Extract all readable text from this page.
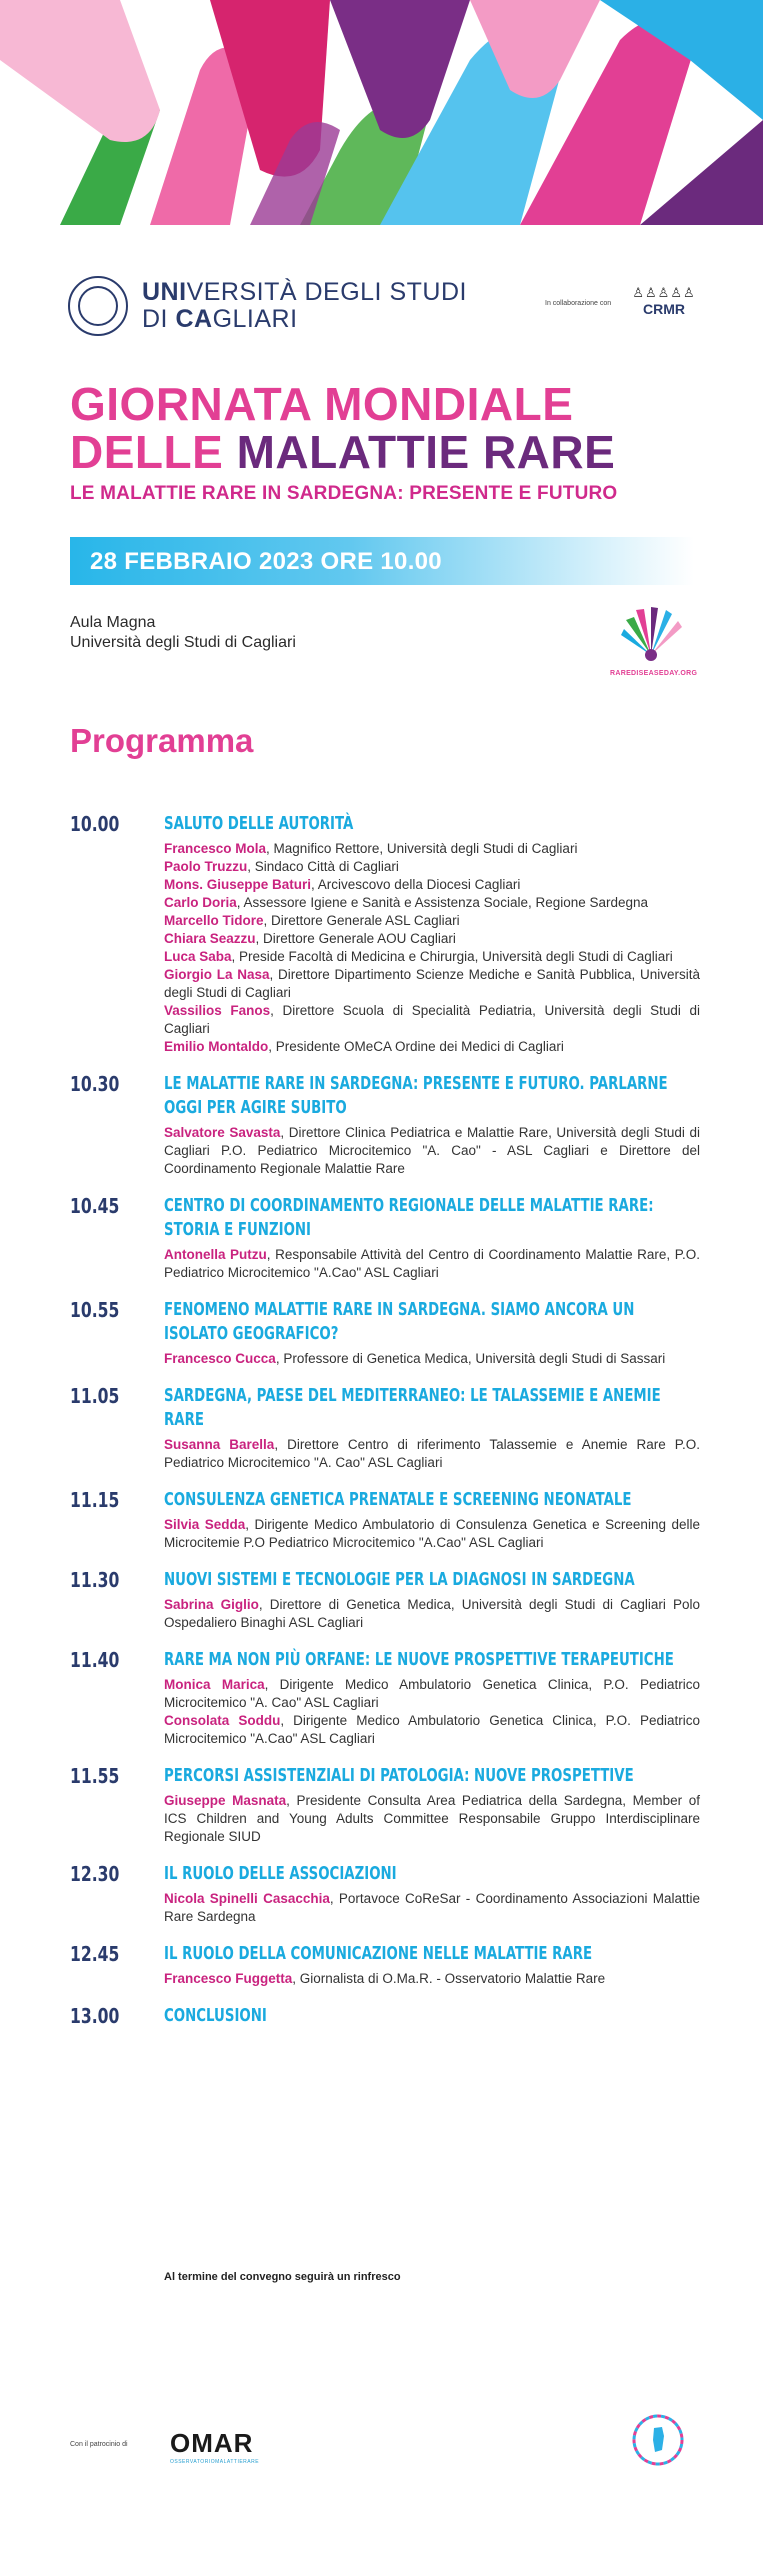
UNIVERSITÀ DEGLI STUDI
DI CAGLIARI
In collaborazione con
♙♙♙♙♙
CRMR
GIORNATA MONDIALE
DELLE MALATTIE RARE
LE MALATTIE RARE IN SARDEGNA: PRESENTE E FUTURO
28 FEBBRAIO 2023 ORE 10.00
Aula Magna
Università degli Studi di Cagliari
RAREDISEASEDAY.ORG
Programma
10.00	SALUTO DELLE AUTORITÀ
Francesco Mola, Magnifico Rettore, Università degli Studi di Cagliari
Paolo Truzzu, Sindaco Città di Cagliari
Mons. Giuseppe Baturi, Arcivescovo della Diocesi Cagliari
Carlo Doria, Assessore Igiene e Sanità e Assistenza Sociale, Regione Sardegna
Marcello Tidore, Direttore Generale ASL Cagliari
Chiara Seazzu, Direttore Generale AOU Cagliari
Luca Saba, Preside Facoltà di Medicina e Chirurgia, Università degli Studi di Cagliari
Giorgio La Nasa, Direttore Dipartimento Scienze Mediche e Sanità Pubblica, Università degli Studi di Cagliari
Vassilios Fanos, Direttore Scuola di Specialità Pediatria, Università degli Studi di Cagliari
Emilio Montaldo, Presidente OMeCA Ordine dei Medici di Cagliari
10.30	LE MALATTIE RARE IN SARDEGNA: PRESENTE E FUTURO. PARLARNE OGGI PER AGIRE SUBITO
Salvatore Savasta, Direttore Clinica Pediatrica e Malattie Rare, Università degli Studi di Cagliari P.O. Pediatrico Microcitemico "A. Cao" - ASL Cagliari e Direttore del Coordinamento Regionale Malattie Rare
10.45	CENTRO DI COORDINAMENTO REGIONALE DELLE MALATTIE RARE: STORIA E FUNZIONI
Antonella Putzu, Responsabile Attività del Centro di Coordinamento Malattie Rare, P.O. Pediatrico Microcitemico "A.Cao" ASL Cagliari
10.55	FENOMENO MALATTIE RARE IN SARDEGNA. SIAMO ANCORA UN ISOLATO GEOGRAFICO?
Francesco Cucca, Professore di Genetica Medica, Università degli Studi di Sassari
11.05	SARDEGNA, PAESE DEL MEDITERRANEO: LE TALASSEMIE E ANEMIE RARE
Susanna Barella, Direttore Centro di riferimento Talassemie e Anemie Rare P.O. Pediatrico Microcitemico "A. Cao" ASL Cagliari
11.15	CONSULENZA GENETICA PRENATALE E SCREENING NEONATALE
Silvia Sedda, Dirigente Medico Ambulatorio di Consulenza Genetica e Screening delle Microcitemie P.O Pediatrico Microcitemico "A.Cao" ASL Cagliari
11.30	NUOVI SISTEMI E TECNOLOGIE PER LA DIAGNOSI IN SARDEGNA
Sabrina Giglio, Direttore di Genetica Medica, Università degli Studi di Cagliari Polo Ospedaliero Binaghi ASL Cagliari
11.40	RARE MA NON PIÙ ORFANE: LE NUOVE PROSPETTIVE TERAPEUTICHE
Monica Marica, Dirigente Medico Ambulatorio Genetica Clinica, P.O. Pediatrico Microcitemico "A. Cao" ASL Cagliari
Consolata Soddu, Dirigente Medico Ambulatorio Genetica Clinica, P.O. Pediatrico Microcitemico "A.Cao" ASL Cagliari
11.55	PERCORSI ASSISTENZIALI DI PATOLOGIA: NUOVE PROSPETTIVE
Giuseppe Masnata, Presidente Consulta Area Pediatrica della Sardegna, Member of ICS Children and Young Adults Committee Responsabile Gruppo Interdisciplinare Regionale SIUD
12.30	IL RUOLO DELLE ASSOCIAZIONI
Nicola Spinelli Casacchia, Portavoce CoReSar - Coordinamento Associazioni Malattie Rare Sardegna
12.45	IL RUOLO DELLA COMUNICAZIONE NELLE MALATTIE RARE
Francesco Fuggetta, Giornalista di O.Ma.R. - Osservatorio Malattie Rare
13.00	CONCLUSIONI
Al termine del convegno seguirà un rinfresco
Con il patrocinio di OMAR
OSSERVATORIOMALATTIERARE
